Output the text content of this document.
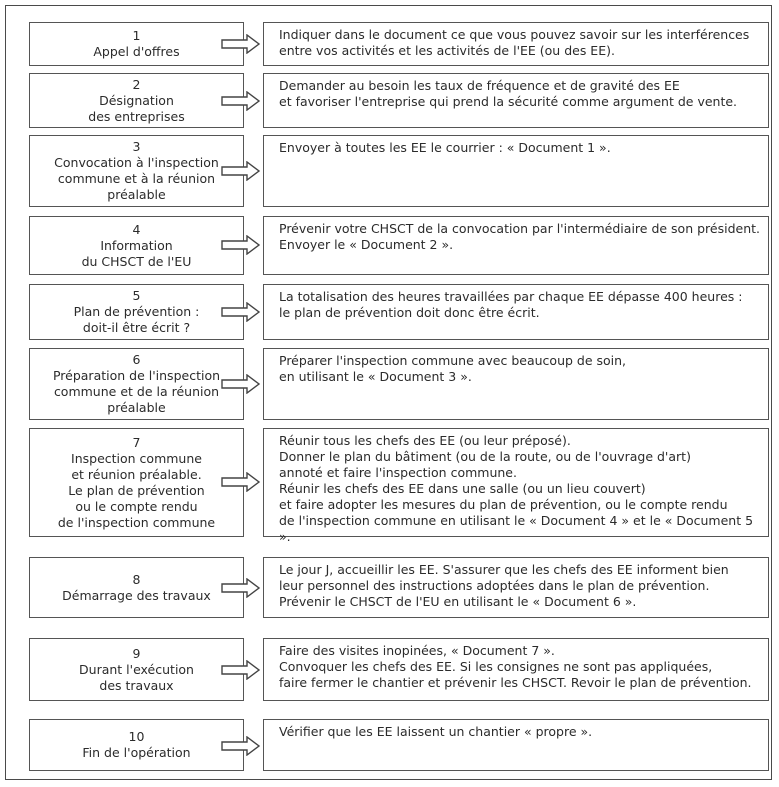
1
Appel d'offres
Indiquer dans le document ce que vous pouvez savoir sur les interférences
entre vos activités et les activités de l'EE (ou des EE).
2
Désignation
des entreprises
Demander au besoin les taux de fréquence et de gravité des EE
et favoriser l'entreprise qui prend la sécurité comme argument de vente.
3
Convocation à l'inspection
commune et à la réunion
préalable
Envoyer à toutes les EE le courrier : « Document 1 ».
4
Information
du CHSCT de l'EU
Prévenir votre CHSCT de la convocation par l'intermédiaire de son président.
Envoyer le « Document 2 ».
5
Plan de prévention :
doit-il être écrit ?
La totalisation des heures travaillées par chaque EE dépasse 400 heures :
le plan de prévention doit donc être écrit.
6
Préparation de l'inspection
commune et de la réunion
préalable
Préparer l'inspection commune avec beaucoup de soin,
en utilisant le « Document 3 ».
7
Inspection commune
et réunion préalable.
Le plan de prévention
ou le compte rendu
de l'inspection commune
Réunir tous les chefs des EE (ou leur préposé).
Donner le plan du bâtiment (ou de la route, ou de l'ouvrage d'art)
annoté et faire l'inspection commune.
Réunir les chefs des EE dans une salle (ou un lieu couvert)
et faire adopter les mesures du plan de prévention, ou le compte rendu
de l'inspection commune en utilisant le « Document 4 » et le « Document 5 ».
8
Démarrage des travaux
Le jour J, accueillir les EE. S'assurer que les chefs des EE informent bien
leur personnel des instructions adoptées dans le plan de prévention.
Prévenir le CHSCT de l'EU en utilisant le « Document 6 ».
9
Durant l'exécution
des travaux
Faire des visites inopinées, « Document 7 ».
Convoquer les chefs des EE. Si les consignes ne sont pas appliquées,
faire fermer le chantier et prévenir les CHSCT. Revoir le plan de prévention.
10
Fin de l'opération
Vérifier que les EE laissent un chantier « propre ».
